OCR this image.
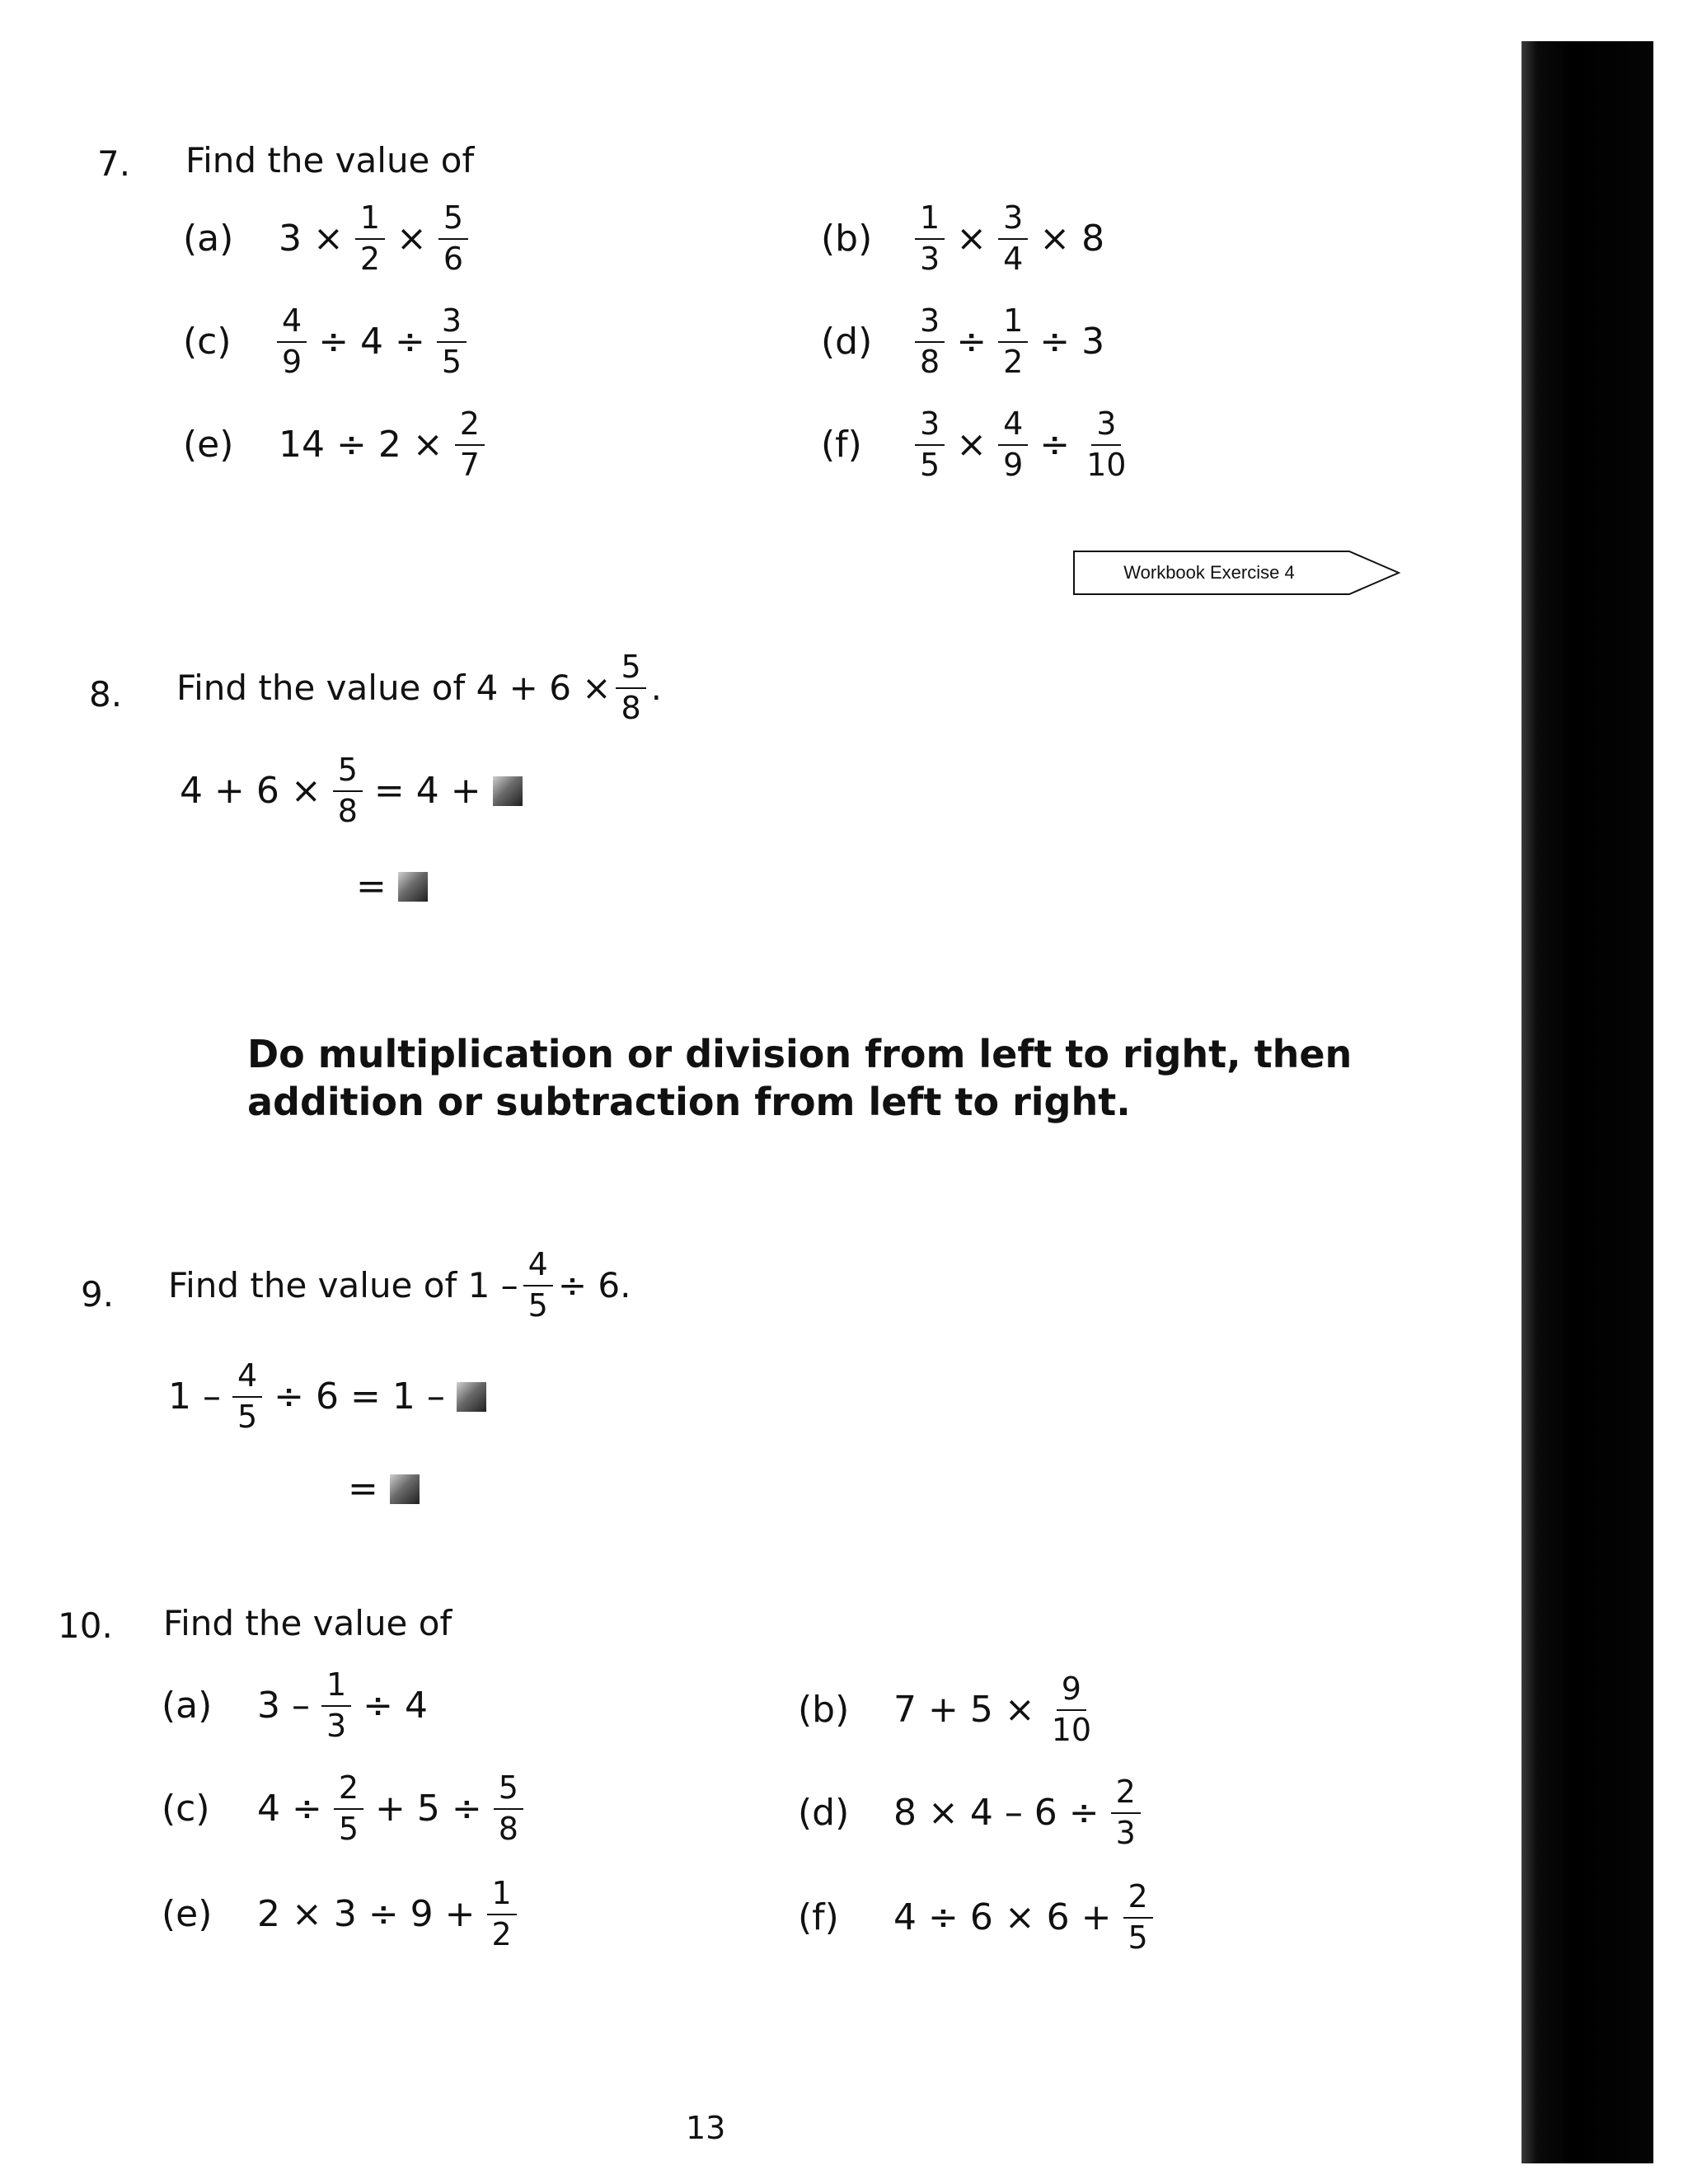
7. Find the value of
(a)	$3 \times \frac{1}{2} \times \frac{5}{6}$	(b)	$\frac{1}{3} \times \frac{3}{4} \times 8$
(c)	$\frac{4}{9} \div 4 \div \frac{3}{5}$	(d)	$\frac{3}{8} \div \frac{1}{2} \div 3$
(e)	$14 \div 2 \times \frac{2}{7}$	(f)	$\frac{3}{5} \times \frac{4}{9} \div \frac{3}{10}$
Workbook Exercise 4
8. Find the value of $4 + 6 \times \frac{5}{8}$ .
$4 + 6 \times \frac{5}{8} = 4$ +
=
Do multiplication or division from left to right, then
addition or subtraction from left to right.
9. Find the value of $1 - \frac{4}{5} \div 6$.
$1 - \frac{4}{5} \div 6 = 1$ –
=
10. Find the value of
(a)	$3 - \frac{1}{3} \div 4$	(b)	$7 + 5 \times \frac{9}{10}$
(c)	$4 \div \frac{2}{5} + 5 \div \frac{5}{8}$	(d)	$8 \times 4 - 6 \div \frac{2}{3}$
(e)	$2 \times 3 \div 9 + \frac{1}{2}$	(f)	$4 \div 6 \times 6 + \frac{2}{5}$
13
